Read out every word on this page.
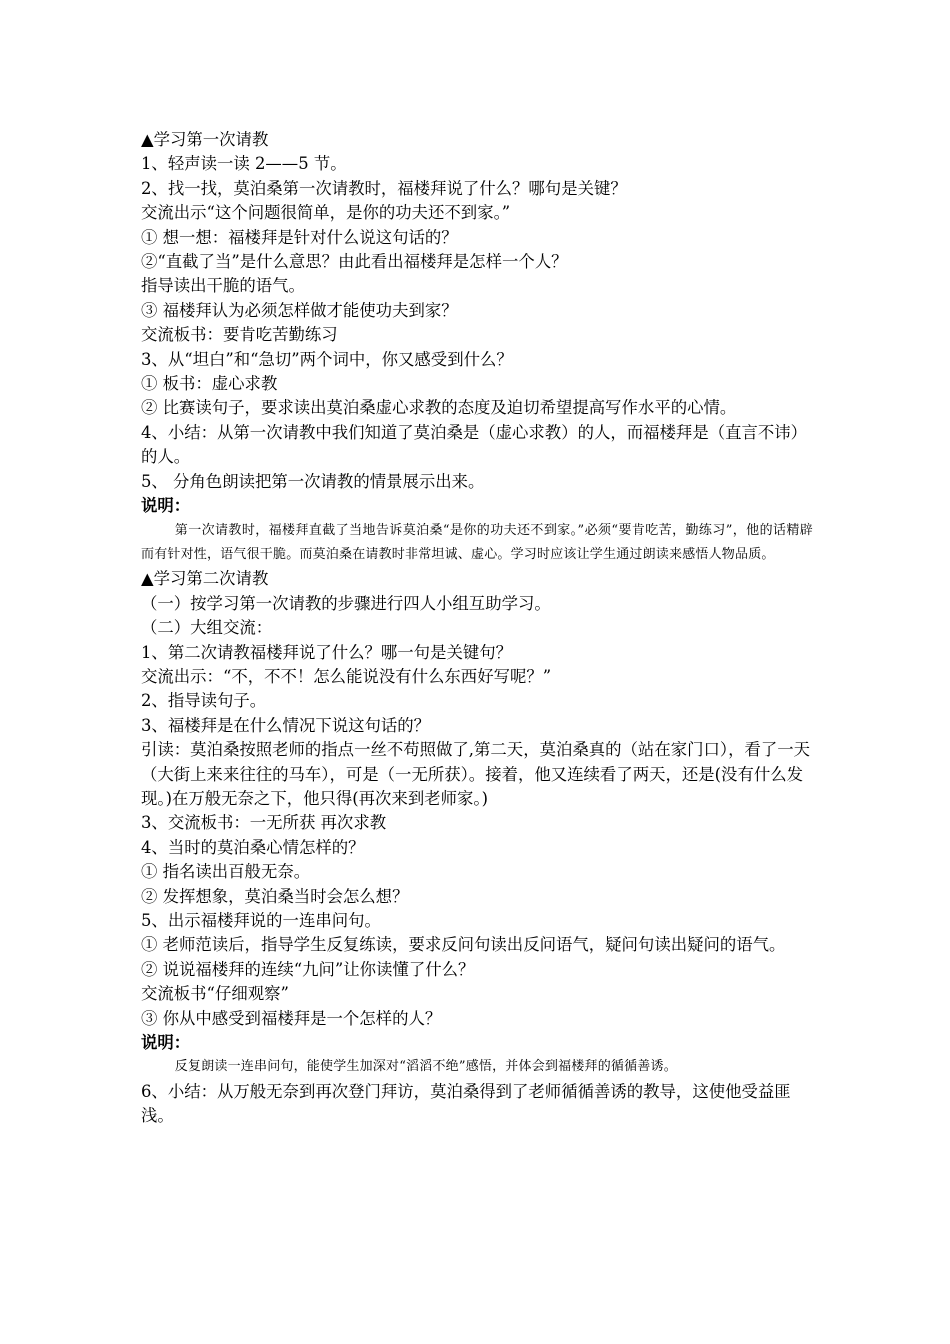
▲学习第一次请教

1、轻声读一读 2——5 节。

2、找一找，莫泊桑第一次请教时，福楼拜说了什么？哪句是关键？

交流出示“这个问题很简单，是你的功夫还不到家。”

① 想一想：福楼拜是针对什么说这句话的？

②“直截了当”是什么意思？由此看出福楼拜是怎样一个人？

指导读出干脆的语气。

③ 福楼拜认为必须怎样做才能使功夫到家？

交流板书：要肯吃苦勤练习

3、从“坦白”和“急切”两个词中，你又感受到什么？

① 板书：虚心求教

② 比赛读句子，要求读出莫泊桑虚心求教的态度及迫切希望提高写作水平的心情。

4、小结：从第一次请教中我们知道了莫泊桑是（虚心求教）的人，而福楼拜是（直言不讳）的人。

5、 分角色朗读把第一次请教的情景展示出来。

说明：

第一次请教时，福楼拜直截了当地告诉莫泊桑“是你的功夫还不到家。”必须“要肯吃苦，勤练习”，他的话精辟而有针对性，语气很干脆。而莫泊桑在请教时非常坦诚、虚心。学习时应该让学生通过朗读来感悟人物品质。

▲学习第二次请教

（一）按学习第一次请教的步骤进行四人小组互助学习。

（二）大组交流：

1、第二次请教福楼拜说了什么？哪一句是关键句？

交流出示：“不，不不！怎么能说没有什么东西好写呢？”

2、指导读句子。

3、福楼拜是在什么情况下说这句话的？

引读：莫泊桑按照老师的指点一丝不苟照做了,第二天，莫泊桑真的（站在家门口），看了一天（大街上来来往往的马车），可是（一无所获）。接着，他又连续看了两天，还是(没有什么发现。)在万般无奈之下，他只得(再次来到老师家。)

3、交流板书：一无所获 再次求教

4、当时的莫泊桑心情怎样的？

① 指名读出百般无奈。

② 发挥想象，莫泊桑当时会怎么想？

5、出示福楼拜说的一连串问句。

① 老师范读后，指导学生反复练读，要求反问句读出反问语气，疑问句读出疑问的语气。

② 说说福楼拜的连续“九问”让你读懂了什么？

交流板书“仔细观察”

③ 你从中感受到福楼拜是一个怎样的人？

说明：

反复朗读一连串问句，能使学生加深对“滔滔不绝”感悟，并体会到福楼拜的循循善诱。

6、小结：从万般无奈到再次登门拜访，莫泊桑得到了老师循循善诱的教导，这使他受益匪浅。
